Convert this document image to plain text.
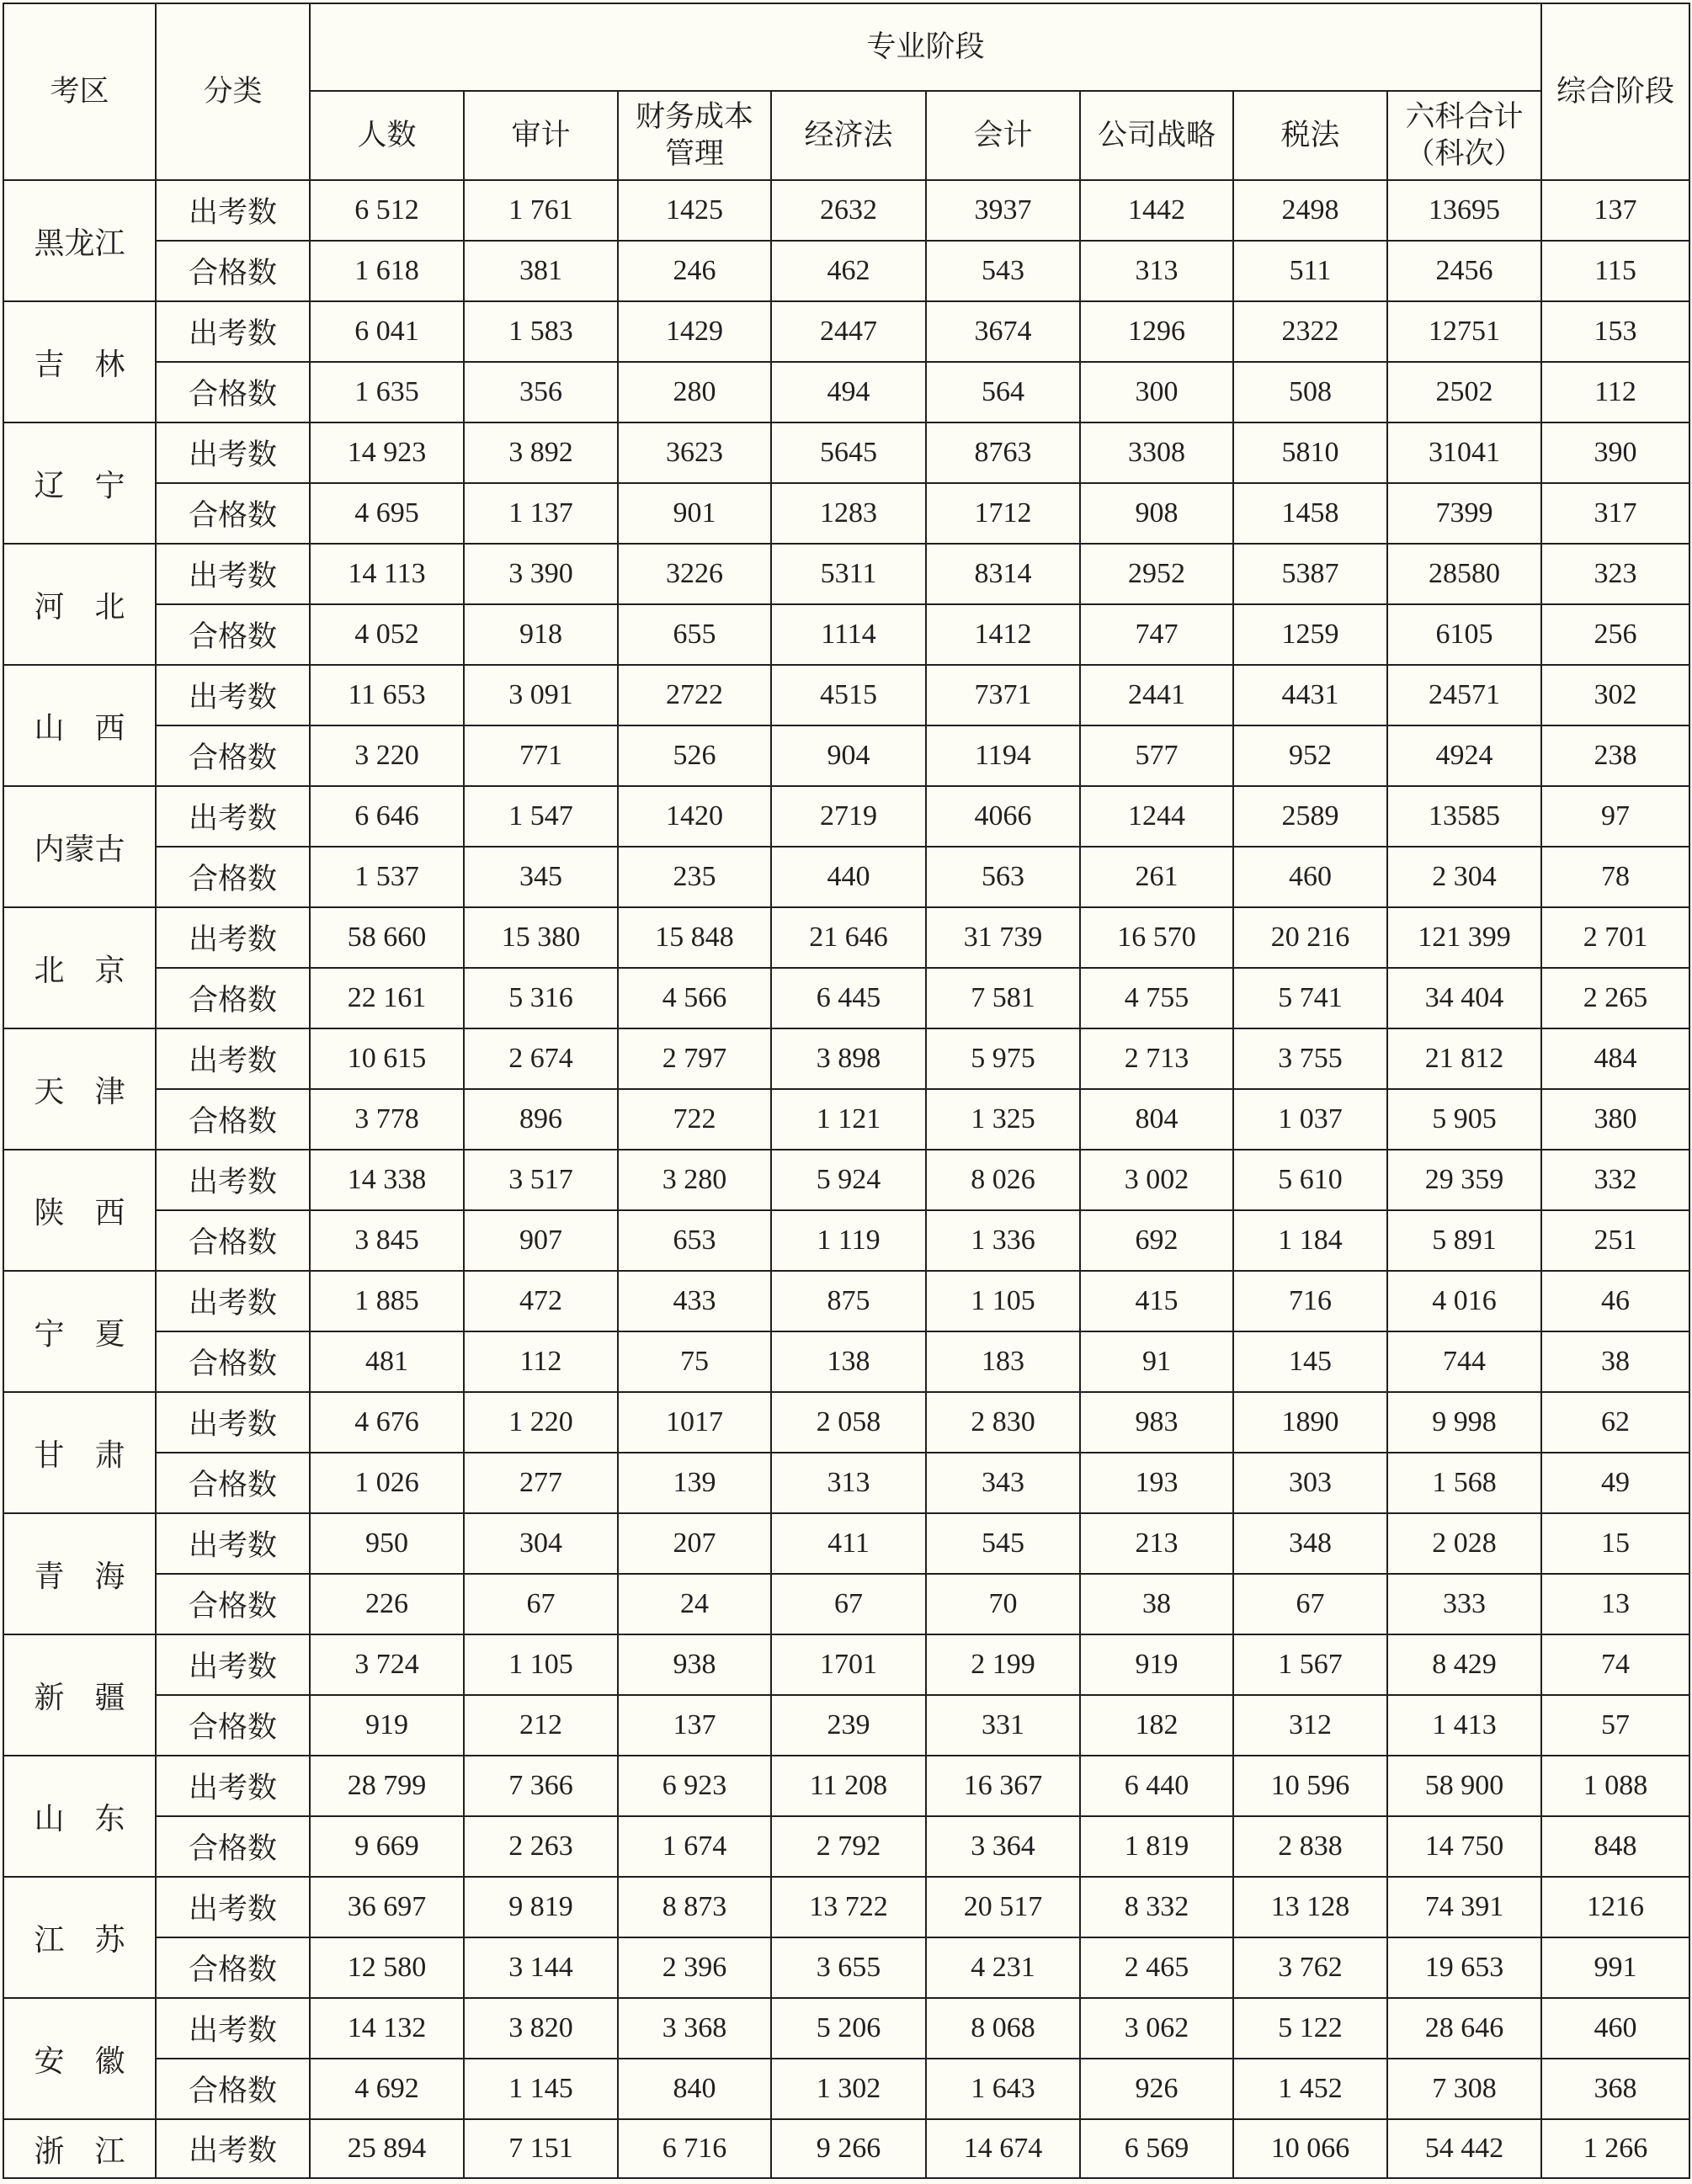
考区	分类	专业阶段								综合阶段
		人数	审计	财务成本管理	经济法	会计	公司战略	税法	六科合计（科次）	
黑龙江	出考数	6 512	1 761	1425	2632	3937	1442	2498	13695	137
	合格数	1 618	381	246	462	543	313	511	2456	115
吉　林	出考数	6 041	1 583	1429	2447	3674	1296	2322	12751	153
	合格数	1 635	356	280	494	564	300	508	2502	112
辽　宁	出考数	14 923	3 892	3623	5645	8763	3308	5810	31041	390
	合格数	4 695	1 137	901	1283	1712	908	1458	7399	317
河　北	出考数	14 113	3 390	3226	5311	8314	2952	5387	28580	323
	合格数	4 052	918	655	1114	1412	747	1259	6105	256
山　西	出考数	11 653	3 091	2722	4515	7371	2441	4431	24571	302
	合格数	3 220	771	526	904	1194	577	952	4924	238
内蒙古	出考数	6 646	1 547	1420	2719	4066	1244	2589	13585	97
	合格数	1 537	345	235	440	563	261	460	2 304	78
北　京	出考数	58 660	15 380	15 848	21 646	31 739	16 570	20 216	121 399	2 701
	合格数	22 161	5 316	4 566	6 445	7 581	4 755	5 741	34 404	2 265
天　津	出考数	10 615	2 674	2 797	3 898	5 975	2 713	3 755	21 812	484
	合格数	3 778	896	722	1 121	1 325	804	1 037	5 905	380
陕　西	出考数	14 338	3 517	3 280	5 924	8 026	3 002	5 610	29 359	332
	合格数	3 845	907	653	1 119	1 336	692	1 184	5 891	251
宁　夏	出考数	1 885	472	433	875	1 105	415	716	4 016	46
	合格数	481	112	75	138	183	91	145	744	38
甘　肃	出考数	4 676	1 220	1017	2 058	2 830	983	1890	9 998	62
	合格数	1 026	277	139	313	343	193	303	1 568	49
青　海	出考数	950	304	207	411	545	213	348	2 028	15
	合格数	226	67	24	67	70	38	67	333	13
新　疆	出考数	3 724	1 105	938	1701	2 199	919	1 567	8 429	74
	合格数	919	212	137	239	331	182	312	1 413	57
山　东	出考数	28 799	7 366	6 923	11 208	16 367	6 440	10 596	58 900	1 088
	合格数	9 669	2 263	1 674	2 792	3 364	1 819	2 838	14 750	848
江　苏	出考数	36 697	9 819	8 873	13 722	20 517	8 332	13 128	74 391	1216
	合格数	12 580	3 144	2 396	3 655	4 231	2 465	3 762	19 653	991
安　徽	出考数	14 132	3 820	3 368	5 206	8 068	3 062	5 122	28 646	460
	合格数	4 692	1 145	840	1 302	1 643	926	1 452	7 308	368
浙　江	出考数	25 894	7 151	6 716	9 266	14 674	6 569	10 066	54 442	1 266
